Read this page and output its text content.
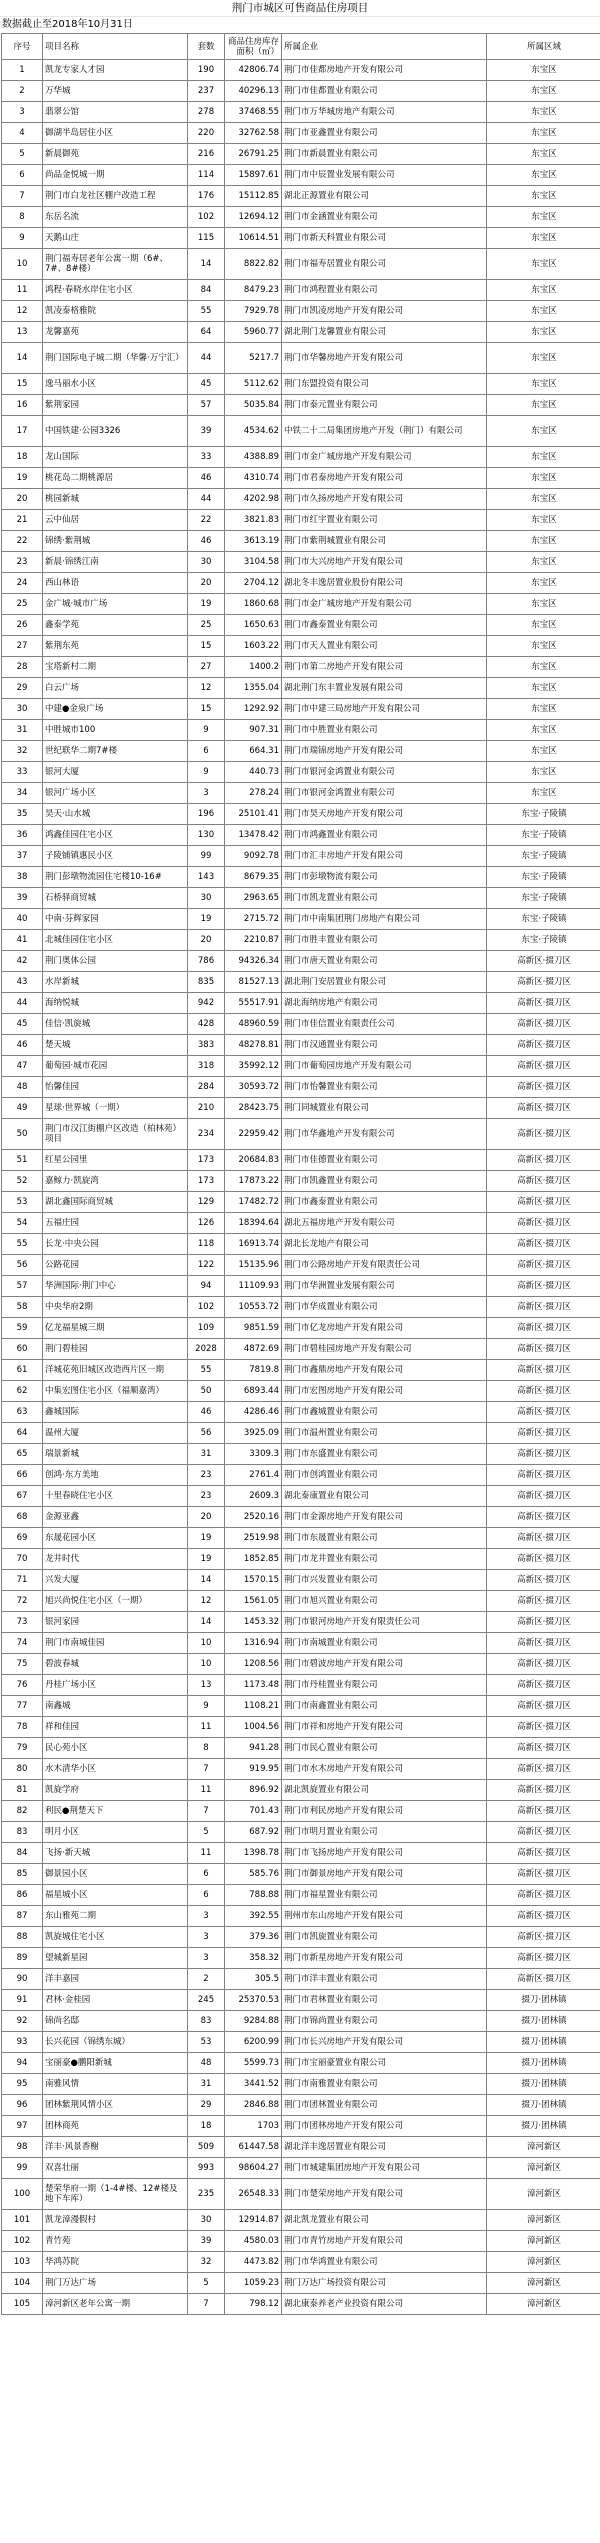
荆门市城区可售商品住房项目
数据截止至2018年10月31日
序号	项目名称	套数	商品住房库存面积（㎡）	所属企业	所属区域
1	凯龙专家人才园	190	42806.74	荆门市佳都房地产开发有限公司	东宝区
2	万华城	237	40296.13	荆门市佳都置业有限公司	东宝区
3	翡翠公馆	278	37468.55	荆门市万华城房地产有限公司	东宝区
4	御湖半岛居住小区	220	32762.58	荆门市亚鑫置业有限公司	东宝区
5	新晨御苑	216	26791.25	荆门市新晨置业有限公司	东宝区
6	尚品金悦城一期	114	15897.61	荆门市中辰置业发展有限公司	东宝区
7	荆门市白龙社区棚户改造工程	176	15112.85	湖北正源置业有限公司	东宝区
8	东岳名流	102	12694.12	荆门市金涵置业有限公司	东宝区
9	天鹅山庄	115	10614.51	荆门市新天科置业有限公司	东宝区
10	荆门福寿居老年公寓一期（6#、7#、8#楼）	14	8822.82	荆门市福寿居置业有限公司	东宝区
11	鸿程·春晓水岸住宅小区	84	8479.23	荆门市鸿程置业有限公司	东宝区
12	凯凌泰格雅院	55	7929.78	荆门市凯凌房地产开发有限公司	东宝区
13	龙馨嘉苑	64	5960.77	湖北荆门龙馨置业有限公司	东宝区
14	荆门国际电子城二期（华馨·万宁汇）	44	5217.7	荆门市华馨房地产开发有限公司	东宝区
15	逸马丽水小区	45	5112.62	荆门东盟投资有限公司	东宝区
16	紫荆家园	57	5035.84	荆门市泰元置业有限公司	东宝区
17	中国铁建·公园3326	39	4534.62	中铁二十二局集团房地产开发（荆门）有限公司	东宝区
18	龙山国际	33	4388.89	荆门市金广城房地产开发有限公司	东宝区
19	桃花岛二期桃源居	46	4310.74	荆门市君泰房地产开发有限公司	东宝区
20	桃园新城	44	4202.98	荆门市久扬房地产开发有限公司	东宝区
21	云中仙居	22	3821.83	荆门市红宇置业有限公司	东宝区
22	锦绣·紫荆城	46	3613.19	荆门市紫荆城置业有限公司	东宝区
23	新晨·锦绣江南	30	3104.58	荆门市大兴房地产开发有限公司	东宝区
24	西山林语	20	2704.12	湖北冬丰逸居置业股份有限公司	东宝区
25	金广城·城市广场	19	1860.68	荆门市金广城房地产开发有限公司	东宝区
26	鑫泰学苑	25	1650.63	荆门市鑫泰置业有限公司	东宝区
27	紫荆东苑	15	1603.22	荆门市天人置业有限公司	东宝区
28	宝塔新村二期	27	1400.2	荆门市第二房地产开发有限公司	东宝区
29	白云广场	12	1355.04	湖北荆门东丰置业发展有限公司	东宝区
30	中建●金泉广场	15	1292.92	荆门市中建三局房地产开发有限公司	东宝区
31	中胜城市100	9	907.31	荆门市中胜置业有限公司	东宝区
32	世纪联华二期7#楼	6	664.31	荆门市瑞锦房地产开发有限公司	东宝区
33	银河大厦	9	440.73	荆门市银河金鸿置业有限公司	东宝区
34	银河广场小区	3	278.24	荆门市银河金鸿置业有限公司	东宝区
35	昊天·山水城	196	25101.41	荆门市昊天房地产开发有限公司	东宝·子陵镇
36	鸿鑫佳园住宅小区	130	13478.42	荆门市鸿鑫置业有限公司	东宝·子陵镇
37	子陵铺镇惠民小区	99	9092.78	荆门市汇丰房地产开发有限公司	东宝·子陵镇
38	荆门彭墩物流园住宅楼10-16#	143	8679.35	荆门市彭墩物流有限公司	东宝·子陵镇
39	石桥驿商贸城	30	2963.65	荆门市凯龙置业有限公司	东宝·子陵镇
40	中南·芬辉家园	19	2715.72	荆门市中南集团荆门房地产有限公司	东宝·子陵镇
41	北城佳园住宅小区	20	2210.87	荆门市胜丰置业有限公司	东宝·子陵镇
42	荆门奥体公园	786	94326.34	荆门市唐天置业有限公司	高新区·掇刀区
43	水岸新城	835	81527.13	湖北荆门安居置业有限公司	高新区·掇刀区
44	海纳悦城	942	55517.91	湖北海纳房地产有限公司	高新区·掇刀区
45	佳信·凯旋城	428	48960.59	荆门市佳信置业有限责任公司	高新区·掇刀区
46	楚天城	383	48278.81	荆门市汉通置业有限公司	高新区·掇刀区
47	葡萄园·城市花园	318	35992.12	荆门市葡萄园房地产开发有限公司	高新区·掇刀区
48	怡馨佳园	284	30593.72	荆门市怡馨置业有限公司	高新区·掇刀区
49	星球·世界城（一期）	210	28423.75	荆门同城置业有限公司	高新区·掇刀区
50	荆门市汉江街棚户区改造（柏林苑）项目	234	22959.42	荆门市华鑫地产开发有限公司	高新区·掇刀区
51	红星公园里	173	20684.83	荆门市佳德置业有限公司	高新区·掇刀区
52	嘉鲸力·凯旋湾	173	17873.22	荆门市凯鑫置业有限公司	高新区·掇刀区
53	湖北鑫国际商贸城	129	17482.72	荆门市鑫泰置业有限公司	高新区·掇刀区
54	五福庄园	126	18394.64	湖北五福房地产开发有限公司	高新区·掇刀区
55	长龙·中央公园	118	16913.74	湖北长龙地产有限公司	高新区·掇刀区
56	公路花园	122	15135.96	荆门市公路房地产开发有限责任公司	高新区·掇刀区
57	华洲国际·荆门中心	94	11109.93	荆门市华洲置业发展有限公司	高新区·掇刀区
58	中央华府2期	102	10553.72	荆门市华成置业有限公司	高新区·掇刀区
59	亿龙福星城三期	109	9851.59	荆门市亿龙房地产开发有限公司	高新区·掇刀区
60	荆门碧桂园	2028	4872.69	荆门市碧桂园房地产开发有限公司	高新区·掇刀区
61	洋城花苑旧城区改造西片区一期	55	7819.8	荆门市鑫鼎房地产开发有限公司	高新区·掇刀区
62	中集宏图住宅小区（福顺嘉湾）	50	6893.44	荆门市宏图房地产开发有限公司	高新区·掇刀区
63	鑫城国际	46	4286.46	荆门市鑫城置业有限公司	高新区·掇刀区
64	温州大厦	56	3925.09	荆门市温州置业有限公司	高新区·掇刀区
65	瑞景新城	31	3309.3	荆门市东盛置业有限公司	高新区·掇刀区
66	创鸿·东方美地	23	2761.4	荆门市创鸿置业有限公司	高新区·掇刀区
67	十里春晓住宅小区	23	2609.3	湖北泰康置业有限公司	高新区·掇刀区
68	金源亚鑫	20	2520.16	荆门市金源房地产开发有限公司	高新区·掇刀区
69	东晟花园小区	19	2519.98	荆门市东晟置业有限公司	高新区·掇刀区
70	龙井时代	19	1852.85	荆门市龙井置业有限公司	高新区·掇刀区
71	兴发大厦	14	1570.15	荆门市兴发置业有限公司	高新区·掇刀区
72	旭兴尚悦住宅小区（一期）	12	1561.05	荆门市旭兴置业有限公司	高新区·掇刀区
73	银河家园	14	1453.32	荆门市银河房地产开发有限责任公司	高新区·掇刀区
74	荆门市南城佳园	10	1316.94	荆门市南城置业有限公司	高新区·掇刀区
75	碧波春城	10	1208.56	荆门市碧波房地产开发有限公司	高新区·掇刀区
76	丹桂广场小区	13	1173.48	荆门市丹桂置业有限公司	高新区·掇刀区
77	南鑫城	9	1108.21	荆门市南鑫置业有限公司	高新区·掇刀区
78	祥和佳园	11	1004.56	荆门市祥和房地产开发有限公司	高新区·掇刀区
79	民心苑小区	8	941.28	荆门市民心置业有限公司	高新区·掇刀区
80	水木清华小区	7	919.95	荆门市水木房地产开发有限公司	高新区·掇刀区
81	凯旋学府	11	896.92	湖北凯旋置业有限公司	高新区·掇刀区
82	利民●荆楚天下	7	701.43	荆门市利民房地产开发有限公司	高新区·掇刀区
83	明月小区	5	687.92	荆门市明月置业有限公司	高新区·掇刀区
84	飞扬·新天城	11	1398.78	荆门市飞扬房地产开发有限公司	高新区·掇刀区
85	御景园小区	6	585.76	荆门市御景房地产开发有限公司	高新区·掇刀区
86	福星城小区	6	788.88	荆门市福星置业有限公司	高新区·掇刀区
87	东山雅苑二期	3	392.55	荆州市东山房地产开发有限公司	高新区·掇刀区
88	凯旋城住宅小区	3	379.36	荆门市凯旋置业有限公司	高新区·掇刀区
89	望城新星园	3	358.32	荆门市新星房地产开发有限公司	高新区·掇刀区
90	洋丰嘉园	2	305.5	荆门市洋丰置业有限公司	高新区·掇刀区
91	君林·金桂园	245	25370.53	荆门市君林置业有限公司	掇刀·团林镇
92	锦尚名邸	83	9284.88	荆门市锦尚置业有限公司	掇刀·团林镇
93	长兴花园（锦绣东城）	53	6200.99	荆门市长兴房地产开发有限公司	掇刀·团林镇
94	宝丽豪●鹏阳新城	48	5599.73	荆门市宝丽豪置业有限公司	掇刀·团林镇
95	南雅风情	31	3441.52	荆门市南雅置业有限公司	掇刀·团林镇
96	团林紫荆风情小区	29	2846.88	荆门市团林置业有限公司	掇刀·团林镇
97	团林商苑	18	1703	荆门市团林房地产开发有限公司	掇刀·团林镇
98	洋丰·风景香榭	509	61447.58	湖北洋丰逸居置业有限公司	漳河新区
99	双喜壮丽	993	98604.27	荆门市城建集团房地产开发有限公司	漳河新区
100	楚荣华府一期（1-4#楼、12#楼及地下车库）	235	26548.33	荆门市楚荣房地产开发有限公司	漳河新区
101	凯龙漳漫假村	30	12914.87	湖北凯龙置业有限公司	漳河新区
102	青竹苑	39	4580.03	荆门市青竹房地产开发有限公司	漳河新区
103	华鸿苏院	32	4473.82	荆门市华鸿置业有限公司	漳河新区
104	荆门万达广场	5	1059.23	荆门万达广场投资有限公司	漳河新区
105	漳河新区老年公寓一期	7	798.12	湖北康泰养老产业投资有限公司	漳河新区
